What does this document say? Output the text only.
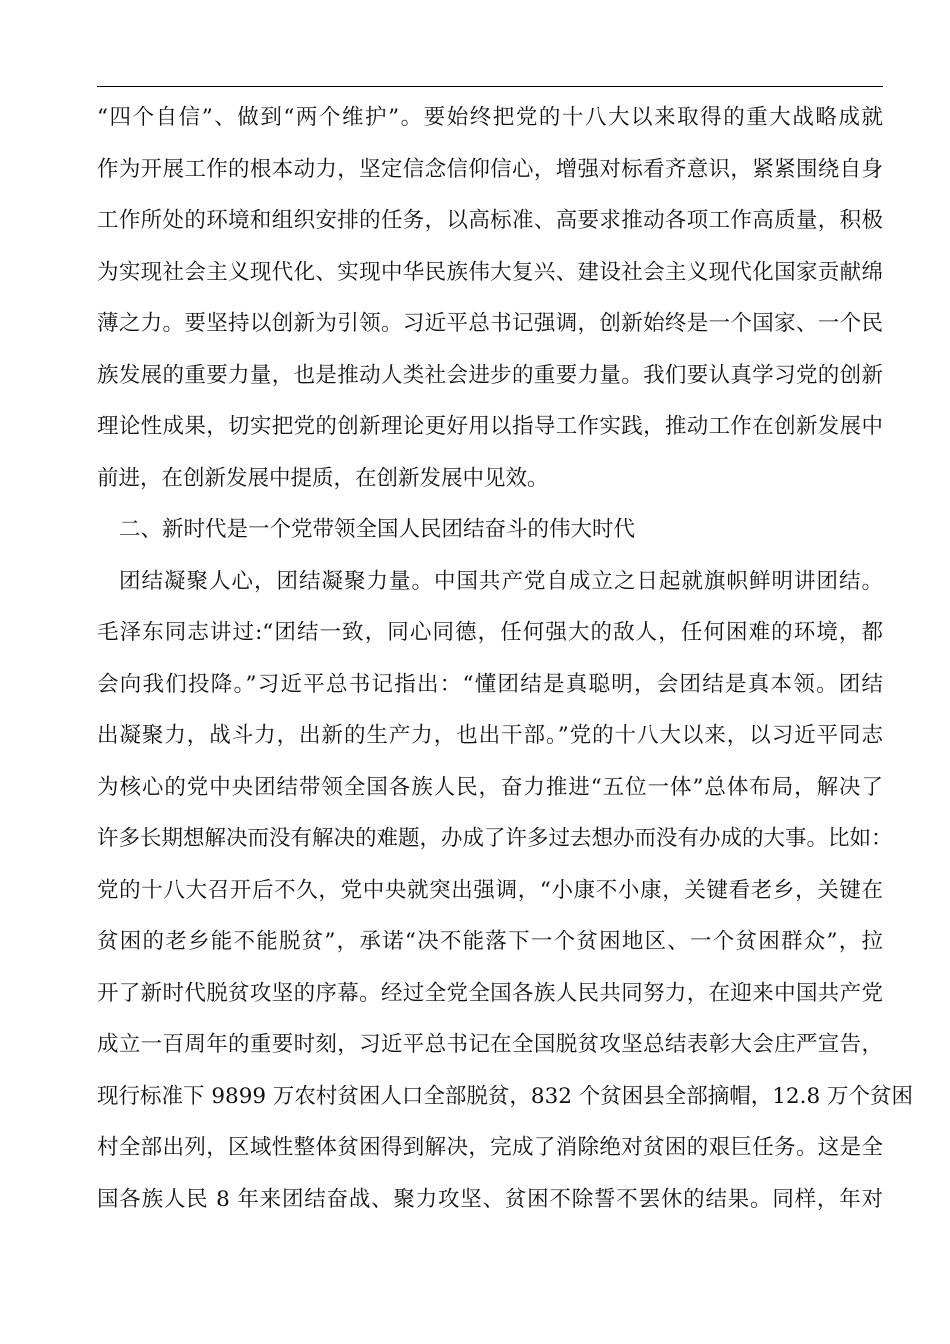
“四个自信”、做到“两个维护”。要始终把党的十八大以来取得的重大战略成就
作为开展工作的根本动力，坚定信念信仰信心，增强对标看齐意识，紧紧围绕自身
工作所处的环境和组织安排的任务，以高标准、高要求推动各项工作高质量，积极
为实现社会主义现代化、实现中华民族伟大复兴、建设社会主义现代化国家贡献绵
薄之力。要坚持以创新为引领。习近平总书记强调，创新始终是一个国家、一个民
族发展的重要力量，也是推动人类社会进步的重要力量。我们要认真学习党的创新
理论性成果，切实把党的创新理论更好用以指导工作实践，推动工作在创新发展中
前进，在创新发展中提质，在创新发展中见效。
二、新时代是一个党带领全国人民团结奋斗的伟大时代
团结凝聚人心，团结凝聚力量。中国共产党自成立之日起就旗帜鲜明讲团结。
毛泽东同志讲过:“团结一致，同心同德，任何强大的敌人，任何困难的环境，都
会向我们投降。”习近平总书记指出：“懂团结是真聪明，会团结是真本领。团结
出凝聚力，战斗力，出新的生产力，也出干部。”党的十八大以来，以习近平同志
为核心的党中央团结带领全国各族人民，奋力推进“五位一体”总体布局，解决了
许多长期想解决而没有解决的难题，办成了许多过去想办而没有办成的大事。比如：
党的十八大召开后不久，党中央就突出强调，“小康不小康，关键看老乡，关键在
贫困的老乡能不能脱贫”，承诺“决不能落下一个贫困地区、一个贫困群众”，拉
开了新时代脱贫攻坚的序幕。经过全党全国各族人民共同努力，在迎来中国共产党
成立一百周年的重要时刻，习近平总书记在全国脱贫攻坚总结表彰大会庄严宣告，
现行标准下 9899 万农村贫困人口全部脱贫，832 个贫困县全部摘帽，12.8 万个贫困
村全部出列，区域性整体贫困得到解决，完成了消除绝对贫困的艰巨任务。这是全
国各族人民 8 年来团结奋战、聚力攻坚、贫困不除誓不罢休的结果。同样，年对
